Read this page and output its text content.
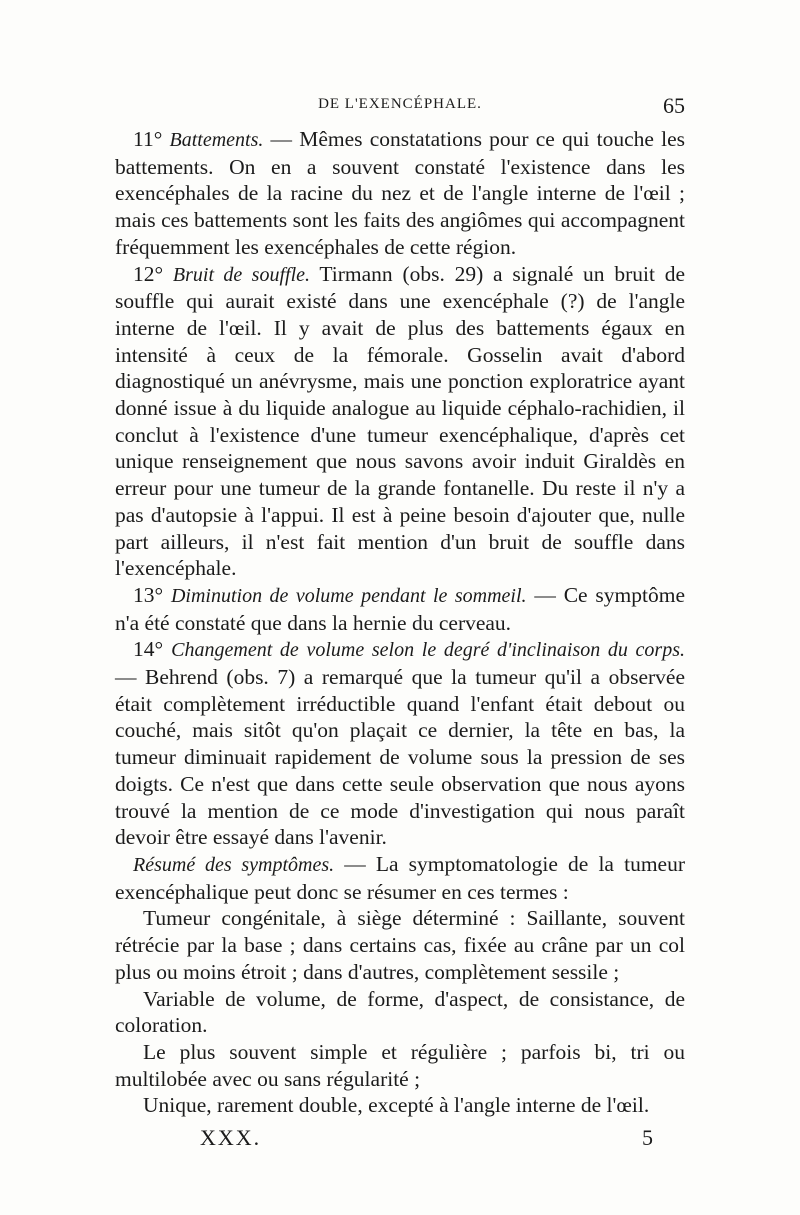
DE L'EXENCÉPHALE.	65

11° Battements. — Mêmes constatations pour ce qui touche les battements. On en a souvent constaté l'existence dans les exencéphales de la racine du nez et de l'angle interne de l'œil ; mais ces battements sont les faits des angiômes qui accompagnent fréquemment les exencéphales de cette région.

12° Bruit de souffle. Tirmann (obs. 29) a signalé un bruit de souffle qui aurait existé dans une exencéphale (?) de l'angle interne de l'œil. Il y avait de plus des battements égaux en intensité à ceux de la fémorale. Gosselin avait d'abord diagnostiqué un anévrysme, mais une ponction exploratrice ayant donné issue à du liquide analogue au liquide céphalo-rachidien, il conclut à l'existence d'une tumeur exencéphalique, d'après cet unique renseignement que nous savons avoir induit Giraldès en erreur pour une tumeur de la grande fontanelle. Du reste il n'y a pas d'autopsie à l'appui. Il est à peine besoin d'ajouter que, nulle part ailleurs, il n'est fait mention d'un bruit de souffle dans l'exencéphale.

13° Diminution de volume pendant le sommeil. — Ce symptôme n'a été constaté que dans la hernie du cerveau.

14° Changement de volume selon le degré d'inclinaison du corps. — Behrend (obs. 7) a remarqué que la tumeur qu'il a observée était complètement irréductible quand l'enfant était debout ou couché, mais sitôt qu'on plaçait ce dernier, la tête en bas, la tumeur diminuait rapidement de volume sous la pression de ses doigts. Ce n'est que dans cette seule observation que nous ayons trouvé la mention de ce mode d'investigation qui nous paraît devoir être essayé dans l'avenir.

Résumé des symptômes. — La symptomatologie de la tumeur exencéphalique peut donc se résumer en ces termes :

Tumeur congénitale, à siège déterminé : Saillante, souvent rétrécie par la base ; dans certains cas, fixée au crâne par un col plus ou moins étroit ; dans d'autres, complètement sessile ;

Variable de volume, de forme, d'aspect, de consistance, de coloration.

Le plus souvent simple et régulière ; parfois bi, tri ou multilobée avec ou sans régularité ;

Unique, rarement double, excepté à l'angle interne de l'œil.

XXX.	5
